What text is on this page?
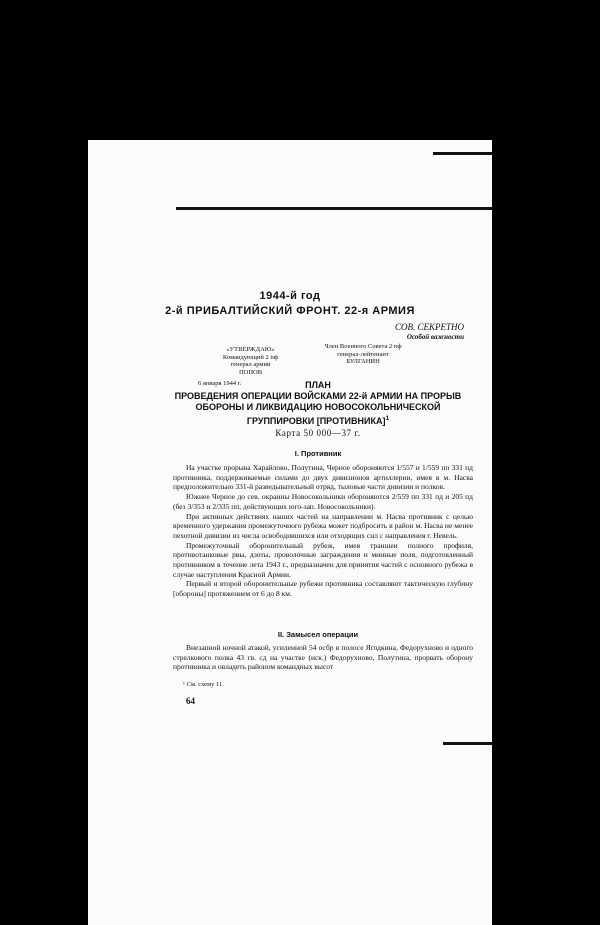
1944-й год
2-й ПРИБАЛТИЙСКИЙ ФРОНТ. 22-я АРМИЯ
СОВ. СЕКРЕТНО
Особой важности
«УТВЕРЖДАЮ»
Командующий 2 пф
генерал армии
ПОПОВ
6 января 1944 г.
Член Военного Совета 2 пф
генерал-лейтенант
БУЛГАНИН
ПЛАН
ПРОВЕДЕНИЯ ОПЕРАЦИИ ВОЙСКАМИ 22-й АРМИИ НА ПРОРЫВ
ОБОРОНЫ И ЛИКВИДАЦИЮ НОВОСОКОЛЬНИЧЕСКОЙ
ГРУППИРОВКИ [ПРОТИВНИКА]$^1$
Карта 50 000—37 г.
I. Противник

На участке прорыва Харайлово, Полутина, Черное обороняются 1/557 и 1/559 пп 331 пд противника, поддерживаемые силами до двух дивизионов артиллерии, имея в м. Насва предположительно 331-й разведывательный отряд, тыловые части дивизии и полков.

Южнее Черное до сев. окраины Новосокольники обороняются 2/559 пп 331 пд и 205 пд (без 3/353 и 2/335 пп, действующих юго-зап. Новосокольники).

При активных действиях наших частей на направлении м. Насва противник с целью временного удержания промежуточного рубежа может подбросить в район м. Насва не менее пехотной дивизии из числа освободившихся или отходящих сил с направления г. Невель.

Промежуточный оборонительный рубеж, имея траншеи полного профиля, противотанковые рвы, дзоты, проволочные заграждения и минные поля, подготовленный противником в течение лета 1943 г., предназначен для принятия частей с основного рубежа в случае наступления Красной Армии.

Первый и второй оборонительные рубежи противника составляют тактическую глубину [обороны] протяжением от 6 до 8 км.

II. Замысел операции

Внезапной ночной атакой, усиленной 54 осбр в полосе Ягодкина, Федорухново и одного стрелкового полка 43 гв. сд на участке (иск.) Федорухново, Полутина, прорвать оборону противника и овладеть районом командных высот

¹ См. схему 11.
64
